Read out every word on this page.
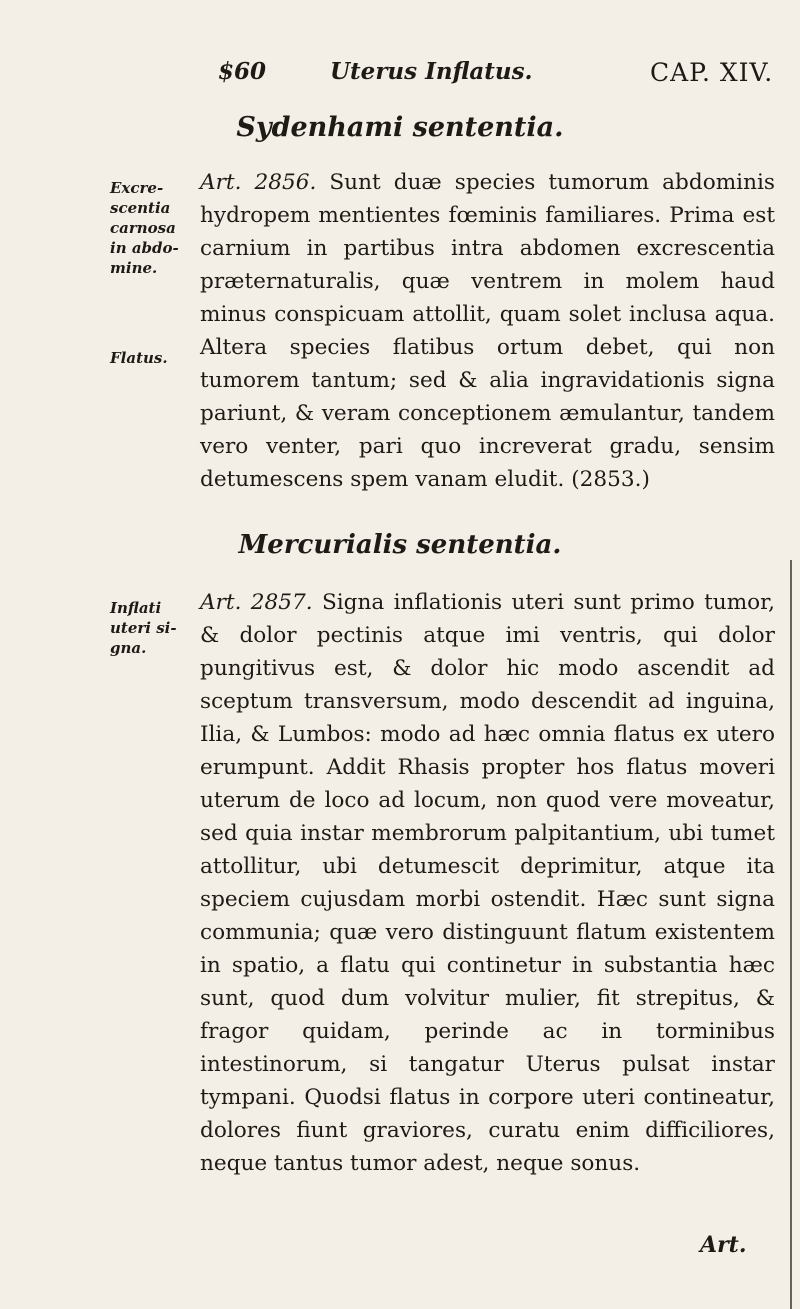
$60	Uterus Inflatus.	CAP. XIV.
Sydenhami sententia.
Excre-
scentia
carnosa
in abdo-
mine.
Flatus.
Art. 2856. Sunt duæ species tumorum abdominis hydropem mentientes fœminis familiares. Prima est carnium in partibus intra abdomen excrescentia præternaturalis, quæ ventrem in molem haud minus conspicuam attollit, quam solet inclusa aqua. Altera species flatibus ortum debet, qui non tumorem tantum; sed & alia ingravidationis signa pariunt, & veram conceptionem æmulantur, tandem vero venter, pari quo increverat gradu, sensim detumescens spem vanam eludit. (2853.)
Mercurialis sententia.
Inflati
uteri si-
gna.
Art. 2857. Signa inflationis uteri sunt primo tumor, & dolor pectinis atque imi ventris, qui dolor pungitivus est, & dolor hic modo ascendit ad sceptum transversum, modo descendit ad inguina, Ilia, & Lumbos: modo ad hæc omnia flatus ex utero erumpunt. Addit Rhasis propter hos flatus moveri uterum de loco ad locum, non quod vere moveatur, sed quia instar membrorum palpitantium, ubi tumet attollitur, ubi detumescit deprimitur, atque ita speciem cujusdam morbi ostendit. Hæc sunt signa communia; quæ vero distinguunt flatum existentem in spatio, a flatu qui continetur in substantia hæc sunt, quod dum volvitur mulier, fit strepitus, & fragor quidam, perinde ac in torminibus intestinorum, si tangatur Uterus pulsat instar tympani. Quodsi flatus in corpore uteri contineatur, dolores fiunt graviores, curatu enim difficiliores, neque tantus tumor adest, neque sonus.
Art.
